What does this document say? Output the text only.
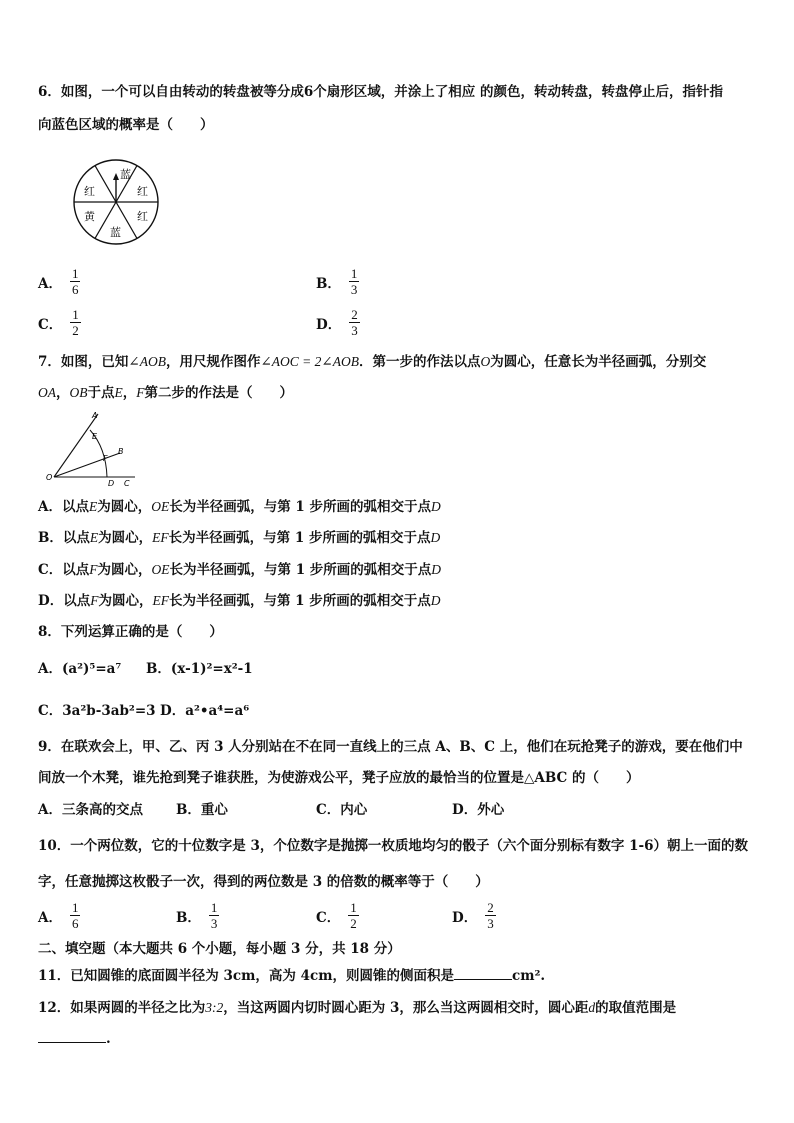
6．如图，一个可以自由转动的转盘被等分成6个扇形区域，并涂上了相应 的颜色，转动转盘，转盘停止后，指针指
向蓝色区域的概率是（　　）
蓝
红
红
蓝
黄
红
A． $\frac{1}{6}$	B． $\frac{1}{3}$
C． $\frac{1}{2}$	D． $\frac{2}{3}$
7．如图，已知∠AOB，用尺规作图作∠AOC = 2∠AOB．第一步的作法以点O为圆心，任意长为半径画弧，分别交
OA，OB于点E，F第二步的作法是（　　）
A
E
B
F
O
D C
A．以点E为圆心，OE长为半径画弧，与第 1 步所画的弧相交于点D
B．以点E为圆心，EF长为半径画弧，与第 1 步所画的弧相交于点D
C．以点F为圆心，OE长为半径画弧，与第 1 步所画的弧相交于点D
D．以点F为圆心，EF长为半径画弧，与第 1 步所画的弧相交于点D
8．下列运算正确的是（　　）
A．(a²)⁵=a⁷ B．(x-1)²=x²-1
C．3a²b-3ab²=3 D．a²•a⁴=a⁶
9．在联欢会上，甲、乙、丙 3 人分别站在不在同一直线上的三点 A、B、C 上，他们在玩抢凳子的游戏，要在他们中
间放一个木凳，谁先抢到凳子谁获胜，为使游戏公平，凳子应放的最恰当的位置是△ABC 的（　　）
A．三条高的交点 B．重心	C．内心	D．外心
10．一个两位数，它的十位数字是 3，个位数字是抛掷一枚质地均匀的骰子（六个面分别标有数字 1-6）朝上一面的数
字，任意抛掷这枚骰子一次，得到的两位数是 3 的倍数的概率等于（　　）
A． $\frac{1}{6}$	B． $\frac{1}{3}$	C． $\frac{1}{2}$	D． $\frac{2}{3}$
二、填空题（本大题共 6 个小题，每小题 3 分，共 18 分）
11．已知圆锥的底面圆半径为 3cm，高为 4cm，则圆锥的侧面积是	cm².
12．如果两圆的半径之比为3:2，当这两圆内切时圆心距为 3，那么当这两圆相交时，圆心距d的取值范围是
.
